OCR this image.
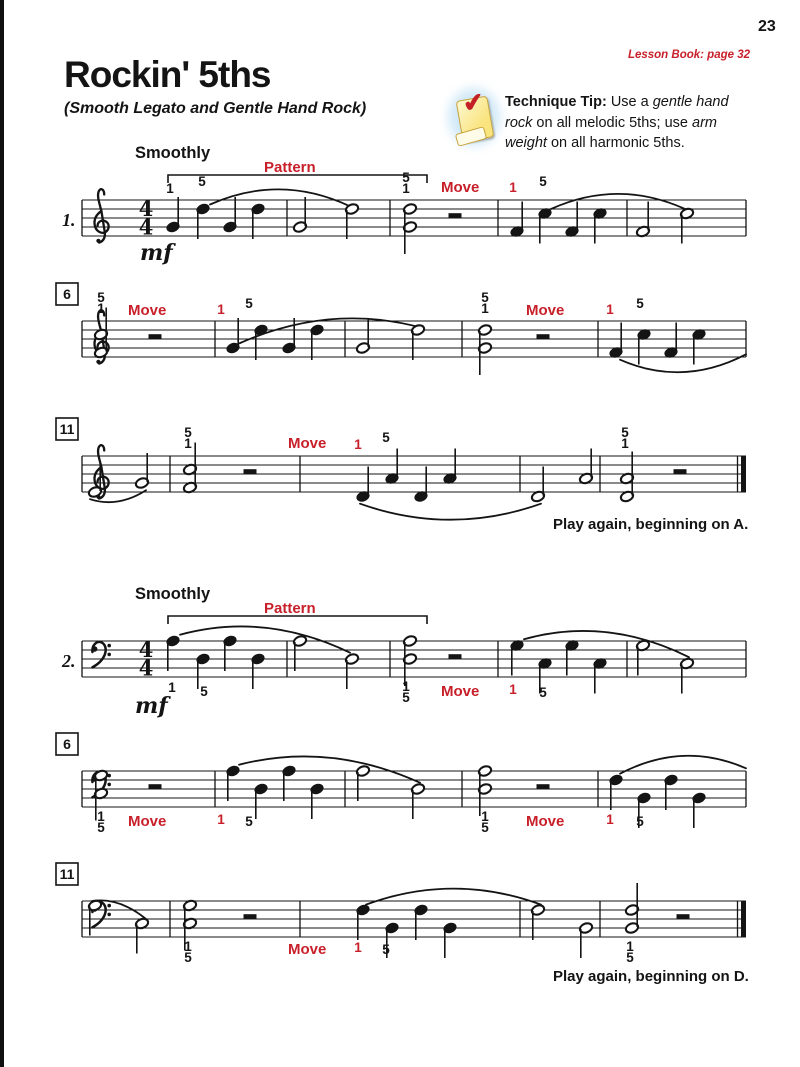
23
Lesson Book: page 32
Rockin' 5ths
(Smooth Legato and Gentle Hand Rock)	✔ Technique Tip: Use a gentle hand rock on all melodic 5ths; use arm weight on all harmonic 5ths.
4
4
1.
Smoothly
Pattern
1 5	5
1 Move 1 5
mf
6 5
1 Move	1 5	5
1 Move	1 5
11	5
1	Move 1 5	5
1
4
4
2.
Smoothly
Pattern
1 5	1
5 Move 1 5
mf
6
1
5 Move	1 5	1
5 Move	1 5
11
1
5	Move 1 5	1
5
Play again, beginning on A.
Play again, beginning on D.
